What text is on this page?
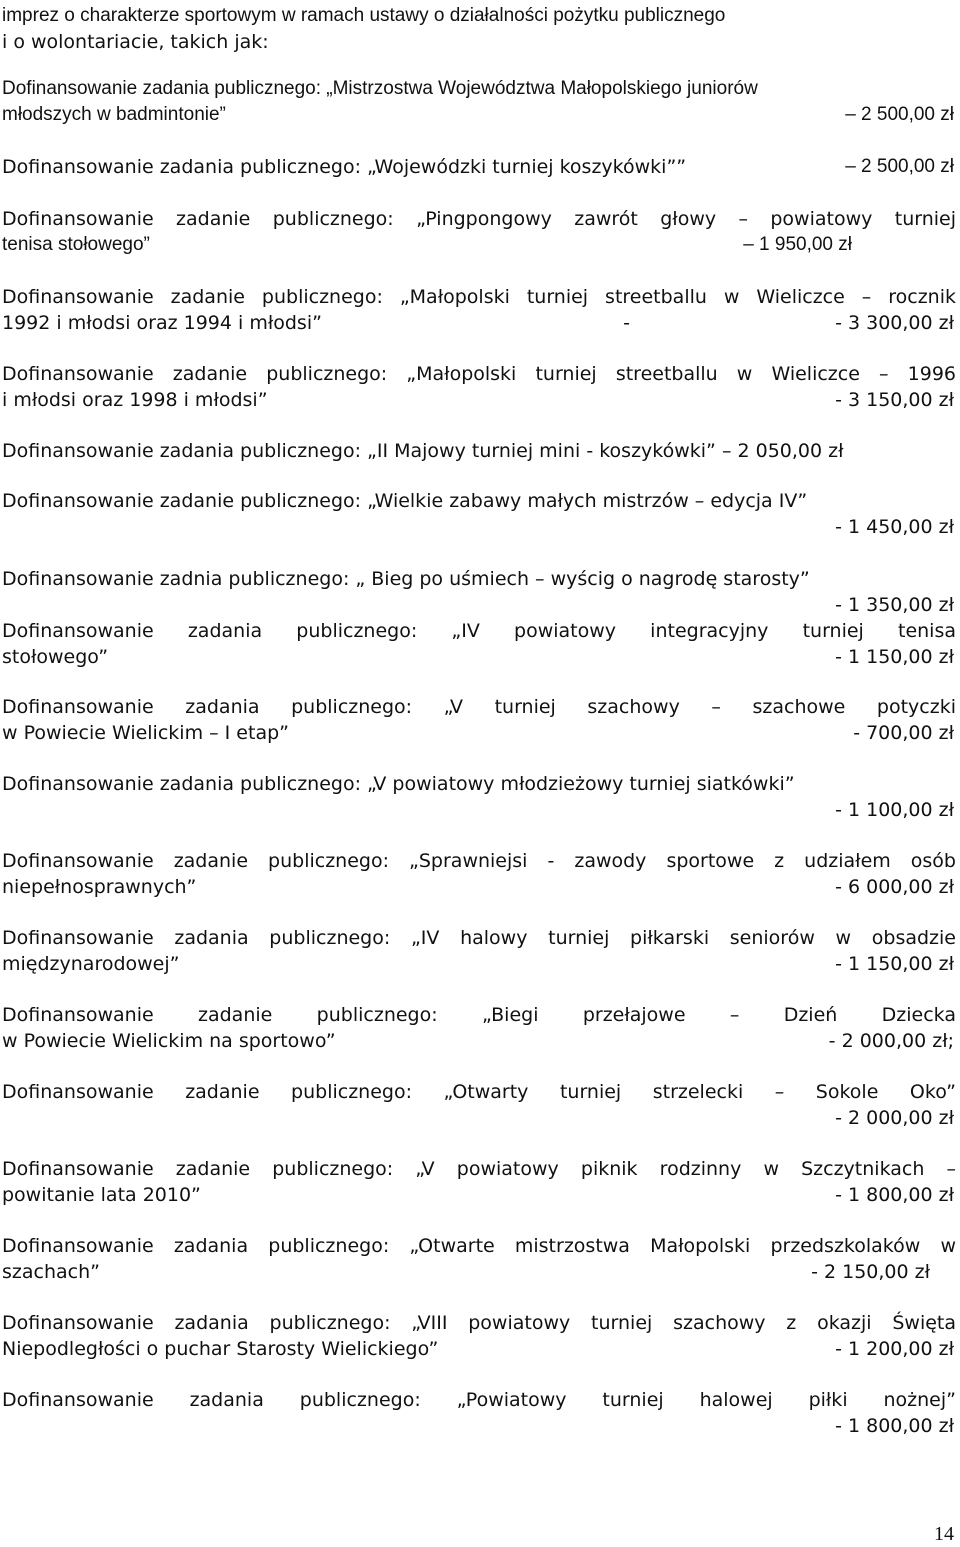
imprez o charakterze sportowym w ramach ustawy o działalności pożytku publicznego
i o wolontariacie, takich jak:
Dofinansowanie zadania publicznego: „Mistrzostwa Województwa Małopolskiego juniorów
młodszych w badmintonie”	– 2 500,00 zł
Dofinansowanie zadania publicznego: „Wojewódzki turniej koszykówki””	– 2 500,00 zł
Dofinansowanie zadanie publicznego: „Pingpongowy zawrót głowy – powiatowy turniej
tenisa stołowego”	– 1 950,00 zł
Dofinansowanie zadanie publicznego: „Małopolski turniej streetballu w Wieliczce – rocznik
1992 i młodsi oraz 1994 i młodsi”	-	- 3 300,00 zł
Dofinansowanie zadanie publicznego: „Małopolski turniej streetballu w Wieliczce – 1996
i młodsi oraz 1998 i młodsi”	- 3 150,00 zł
Dofinansowanie zadania publicznego: „II Majowy turniej mini - koszykówki” – 2 050,00 zł
Dofinansowanie zadanie publicznego: „Wielkie zabawy małych mistrzów – edycja IV”
- 1 450,00 zł
Dofinansowanie zadnia publicznego: „ Bieg po uśmiech – wyścig o nagrodę starosty”
- 1 350,00 zł
Dofinansowanie zadania publicznego: „IV powiatowy integracyjny turniej tenisa
stołowego”	- 1 150,00 zł
Dofinansowanie zadania publicznego: „V turniej szachowy – szachowe potyczki
w Powiecie Wielickim – I etap”	- 700,00 zł
Dofinansowanie zadania publicznego: „V powiatowy młodzieżowy turniej siatkówki”
- 1 100,00 zł
Dofinansowanie zadanie publicznego: „Sprawniejsi - zawody sportowe z udziałem osób
niepełnosprawnych”	- 6 000,00 zł
Dofinansowanie zadania publicznego: „IV halowy turniej piłkarski seniorów w obsadzie
międzynarodowej”	- 1 150,00 zł
Dofinansowanie zadanie publicznego: „Biegi przełajowe – Dzień Dziecka
w Powiecie Wielickim na sportowo”	- 2 000,00 zł;
Dofinansowanie zadanie publicznego: „Otwarty turniej strzelecki – Sokole Oko”
- 2 000,00 zł
Dofinansowanie zadanie publicznego: „V powiatowy piknik rodzinny w Szczytnikach –
powitanie lata 2010”	- 1 800,00 zł
Dofinansowanie zadania publicznego: „Otwarte mistrzostwa Małopolski przedszkolaków w
szachach”	- 2 150,00 zł
Dofinansowanie zadania publicznego: „VIII powiatowy turniej szachowy z okazji Święta
Niepodległości o puchar Starosty Wielickiego”	- 1 200,00 zł
Dofinansowanie zadania publicznego: „Powiatowy turniej halowej piłki nożnej”
- 1 800,00 zł
14
